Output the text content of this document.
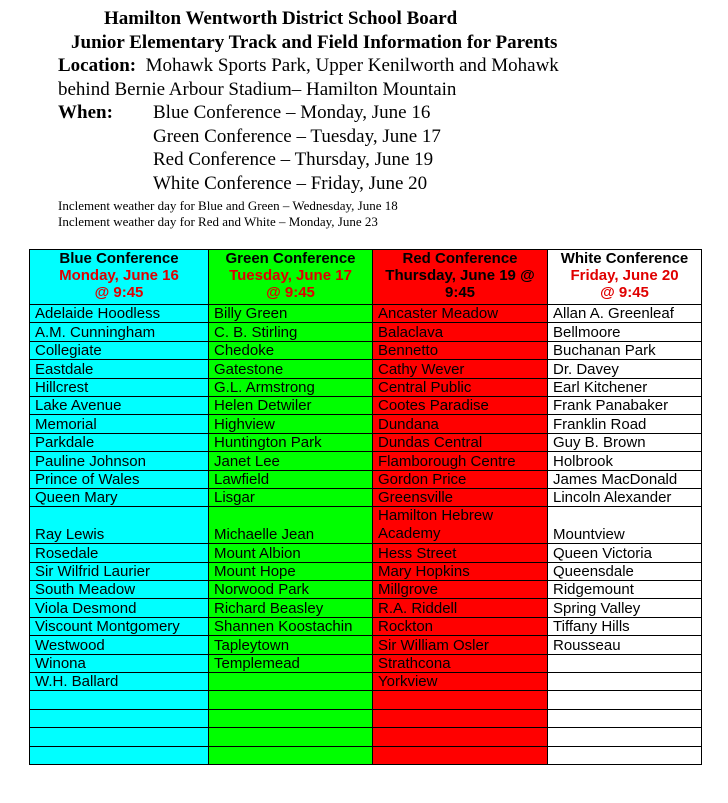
Hamilton Wentworth District School Board
Junior Elementary Track and Field Information for Parents
Location: Mohawk Sports Park, Upper Kenilworth and Mohawk
behind Bernie Arbour Stadium– Hamilton Mountain
When: Blue Conference – Monday, June 16
Green Conference – Tuesday, June 17
Red Conference – Thursday, June 19
White Conference – Friday, June 20
Inclement weather day for Blue and Green – Wednesday, June 18
Inclement weather day for Red and White – Monday, June 23
Blue Conference
Monday, June 16
@ 9:45	Green Conference
Tuesday, June 17
@ 9:45	Red Conference
Thursday, June 19 @
9:45	White Conference
Friday, June 20
@ 9:45

Adelaide Hoodless	Billy Green	Ancaster Meadow	Allan A. Greenleaf
A.M. Cunningham	C. B. Stirling	Balaclava	Bellmoore
Collegiate	Chedoke	Bennetto	Buchanan Park
Eastdale	Gatestone	Cathy Wever	Dr. Davey
Hillcrest	G.L. Armstrong	Central Public	Earl Kitchener
Lake Avenue	Helen Detwiler	Cootes Paradise	Frank Panabaker
Memorial	Highview	Dundana	Franklin Road
Parkdale	Huntington Park	Dundas Central	Guy B. Brown
Pauline Johnson	Janet Lee	Flamborough Centre	Holbrook
Prince of Wales	Lawfield	Gordon Price	James MacDonald
Queen Mary	Lisgar	Greensville	Lincoln Alexander
Ray Lewis	Michaelle Jean	Hamilton Hebrew Academy	Mountview
Rosedale	Mount Albion	Hess Street	Queen Victoria
Sir Wilfrid Laurier	Mount Hope	Mary Hopkins	Queensdale
South Meadow	Norwood Park	Millgrove	Ridgemount
Viola Desmond	Richard Beasley	R.A. Riddell	Spring Valley
Viscount Montgomery	Shannen Koostachin	Rockton	Tiffany Hills
Westwood	Tapleytown	Sir William Osler	Rousseau
Winona	Templemead	Strathcona	
W.H. Ballard		Yorkview	
